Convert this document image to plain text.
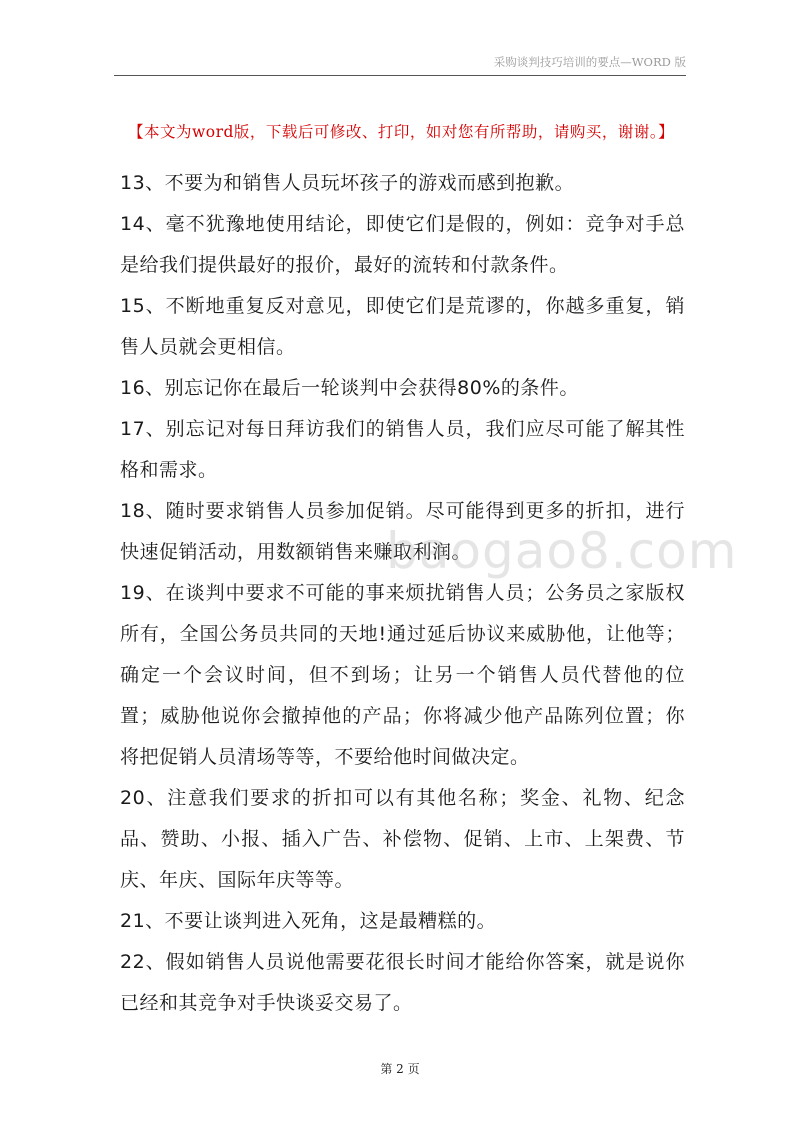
采购谈判技巧培训的要点—WORD 版
【本文为word版，下载后可修改、打印，如对您有所帮助，请购买，谢谢。】

13、不要为和销售人员玩坏孩子的游戏而感到抱歉。

14、毫不犹豫地使用结论，即使它们是假的，例如：竞争对手总是给我们提供最好的报价，最好的流转和付款条件。

15、不断地重复反对意见，即使它们是荒谬的，你越多重复，销售人员就会更相信。

16、别忘记你在最后一轮谈判中会获得80%的条件。

17、别忘记对每日拜访我们的销售人员，我们应尽可能了解其性格和需求。

18、随时要求销售人员参加促销。尽可能得到更多的折扣，进行快速促销活动，用数额销售来赚取利润。

19、在谈判中要求不可能的事来烦扰销售人员；公务员之家版权所有，全国公务员共同的天地!通过延后协议来威胁他，让他等；确定一个会议时间，但不到场；让另一个销售人员代替他的位置；威胁他说你会撤掉他的产品；你将减少他产品陈列位置；你将把促销人员清场等等，不要给他时间做决定。

20、注意我们要求的折扣可以有其他名称；奖金、礼物、纪念品、赞助、小报、插入广告、补偿物、促销、上市、上架费、节庆、年庆、国际年庆等等。

21、不要让谈判进入死角，这是最糟糕的。

22、假如销售人员说他需要花很长时间才能给你答案，就是说你已经和其竞争对手快谈妥交易了。

baogao8.com
第 2 页
